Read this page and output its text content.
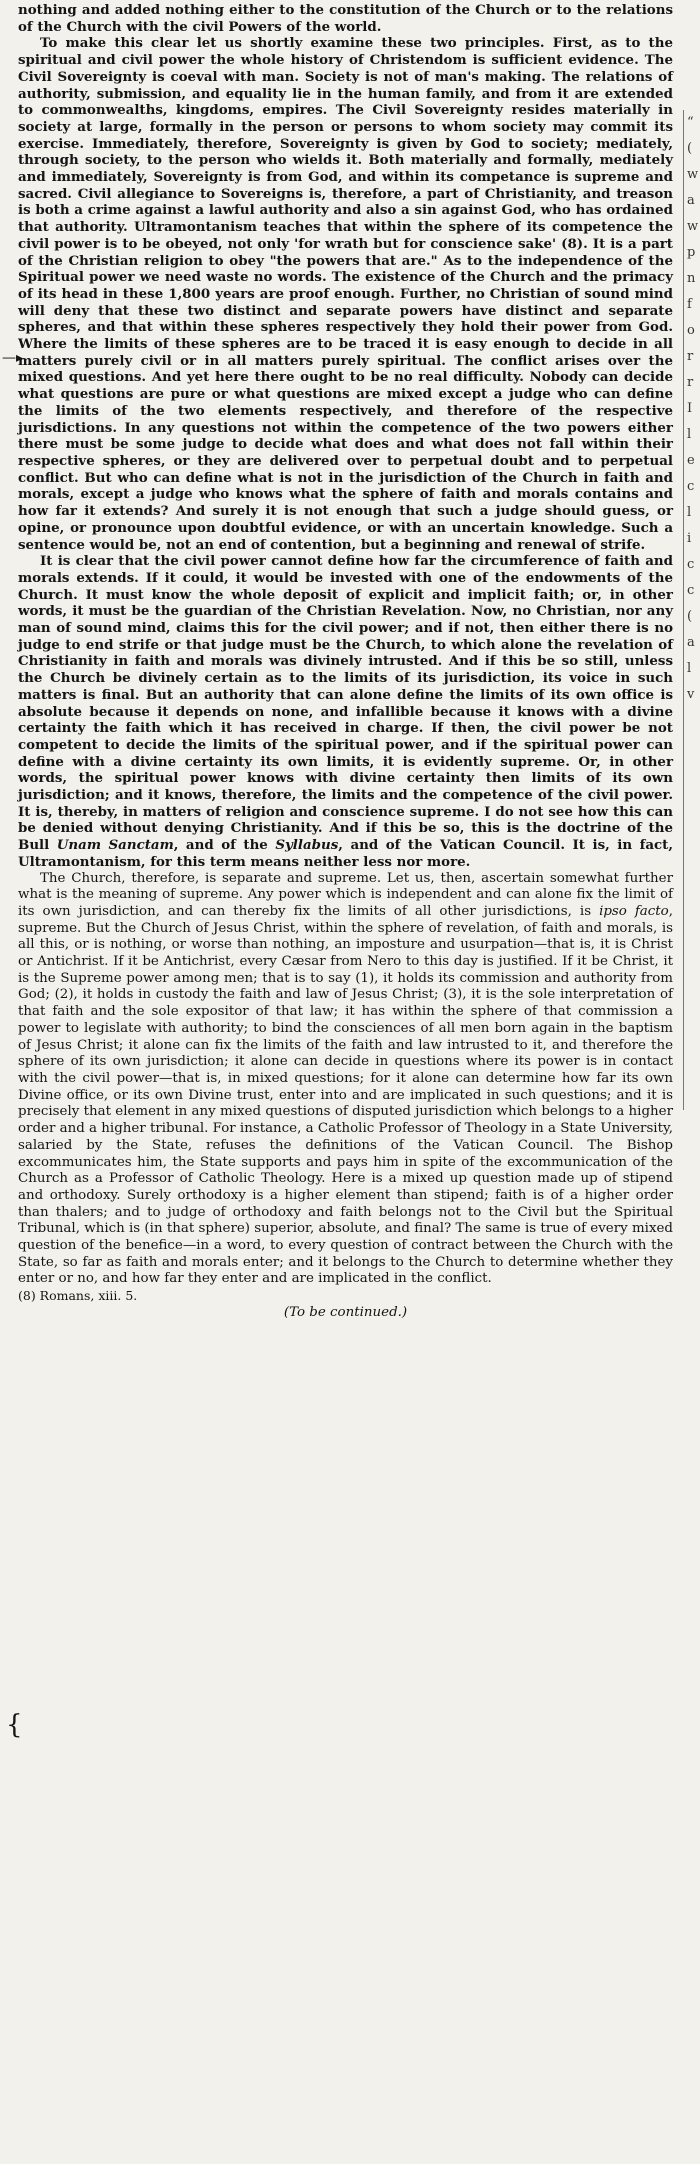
nothing and added nothing either to the constitution of the Church or to the relations of the Church with the civil Powers of the world.

To make this clear let us shortly examine these two principles. First, as to the spiritual and civil power the whole history of Christendom is sufficient evidence. The Civil Sovereignty is coeval with man. Society is not of man's making. The relations of authority, submission, and equality lie in the human family, and from it are extended to commonwealths, kingdoms, empires. The Civil Sovereignty resides materially in society at large, formally in the person or persons to whom society may commit its exercise. Immediately, therefore, Sovereignty is given by God to society; mediately, through society, to the person who wields it. Both materially and formally, mediately and immediately, Sovereignty is from God, and within its competance is supreme and sacred. Civil allegiance to Sovereigns is, therefore, a part of Christianity, and treason is both a crime against a lawful authority and also a sin against God, who has ordained that authority. Ultramontanism teaches that within the sphere of its competence the civil power is to be obeyed, not only 'for wrath but for conscience sake' (8). It is a part of the Christian religion to obey "the powers that are." As to the independence of the Spiritual power we need waste no words. The existence of the Church and the primacy of its head in these 1,800 years are proof enough. Further, no Christian of sound mind will deny that these two distinct and separate powers have distinct and separate spheres, and that within these spheres respectively they hold their power from God. Where the limits of these spheres are to be traced it is easy enough to decide in all matters purely civil or in all matters purely spiritual. The conflict arises over the mixed questions. And yet here there ought to be no real difficulty. Nobody can decide what questions are pure or what questions are mixed except a judge who can define the limits of the two elements respectively, and therefore of the respective jurisdictions. In any questions not within the competence of the two powers either there must be some judge to decide what does and what does not fall within their respective spheres, or they are delivered over to perpetual doubt and to perpetual conflict. But who can define what is not in the jurisdiction of the Church in faith and morals, except a judge who knows what the sphere of faith and morals contains and how far it extends? And surely it is not enough that such a judge should guess, or opine, or pronounce upon doubtful evidence, or with an uncertain knowledge. Such a sentence would be, not an end of contention, but a beginning and renewal of strife.

It is clear that the civil power cannot define how far the circumference of faith and morals extends. If it could, it would be invested with one of the endowments of the Church. It must know the whole deposit of explicit and implicit faith; or, in other words, it must be the guardian of the Christian Revelation. Now, no Christian, nor any man of sound mind, claims this for the civil power; and if not, then either there is no judge to end strife or that judge must be the Church, to which alone the revelation of Christianity in faith and morals was divinely intrusted. And if this be so still, unless the Church be divinely certain as to the limits of its jurisdiction, its voice in such matters is final. But an authority that can alone define the limits of its own office is absolute because it depends on none, and infallible because it knows with a divine certainty the faith which it has received in charge. If then, the civil power be not competent to decide the limits of the spiritual power, and if the spiritual power can define with a divine certainty its own limits, it is evidently supreme. Or, in other words, the spiritual power knows with divine certainty then limits of its own jurisdiction; and it knows, therefore, the limits and the competence of the civil power. It is, thereby, in matters of religion and conscience supreme. I do not see how this can be denied without denying Christianity. And if this be so, this is the doctrine of the Bull Unam Sanctam, and of the Syllabus, and of the Vatican Council. It is, in fact, Ultramontanism, for this term means neither less nor more.

The Church, therefore, is separate and supreme. Let us, then, ascertain somewhat further what is the meaning of supreme. Any power which is independent and can alone fix the limit of its own jurisdiction, and can thereby fix the limits of all other jurisdictions, is ipso facto, supreme. But the Church of Jesus Christ, within the sphere of revelation, of faith and morals, is all this, or is nothing, or worse than nothing, an imposture and usurpation—that is, it is Christ or Antichrist. If it be Antichrist, every Cæsar from Nero to this day is justified. If it be Christ, it is the Supreme power among men; that is to say (1), it holds its commission and authority from God; (2), it holds in custody the faith and law of Jesus Christ; (3), it is the sole interpretation of that faith and the sole expositor of that law; it has within the sphere of that commission a power to legislate with authority; to bind the consciences of all men born again in the baptism of Jesus Christ; it alone can fix the limits of the faith and law intrusted to it, and therefore the sphere of its own jurisdiction; it alone can decide in questions where its power is in contact with the civil power—that is, in mixed questions; for it alone can determine how far its own Divine office, or its own Divine trust, enter into and are implicated in such questions; and it is precisely that element in any mixed questions of disputed jurisdiction which belongs to a higher order and a higher tribunal. For instance, a Catholic Professor of Theology in a State University, salaried by the State, refuses the definitions of the Vatican Council. The Bishop excommunicates him, the State supports and pays him in spite of the excommunication of the Church as a Professor of Catholic Theology. Here is a mixed up question made up of stipend and orthodoxy. Surely orthodoxy is a higher element than stipend; faith is of a higher order than thalers; and to judge of orthodoxy and faith belongs not to the Civil but the Spiritual Tribunal, which is (in that sphere) superior, absolute, and final? The same is true of every mixed question of the benefice—in a word, to every question of contract between the Church with the State, so far as faith and morals enter; and it belongs to the Church to determine whether they enter or no, and how far they enter and are implicated in the conflict.

(8) Romans, xiii. 5.

(To be continued.)

—▸
{
“
(
w
a
w
p
n
f
o
r
r
I
l
e
c
l
i
c
c
(
a
l
v
